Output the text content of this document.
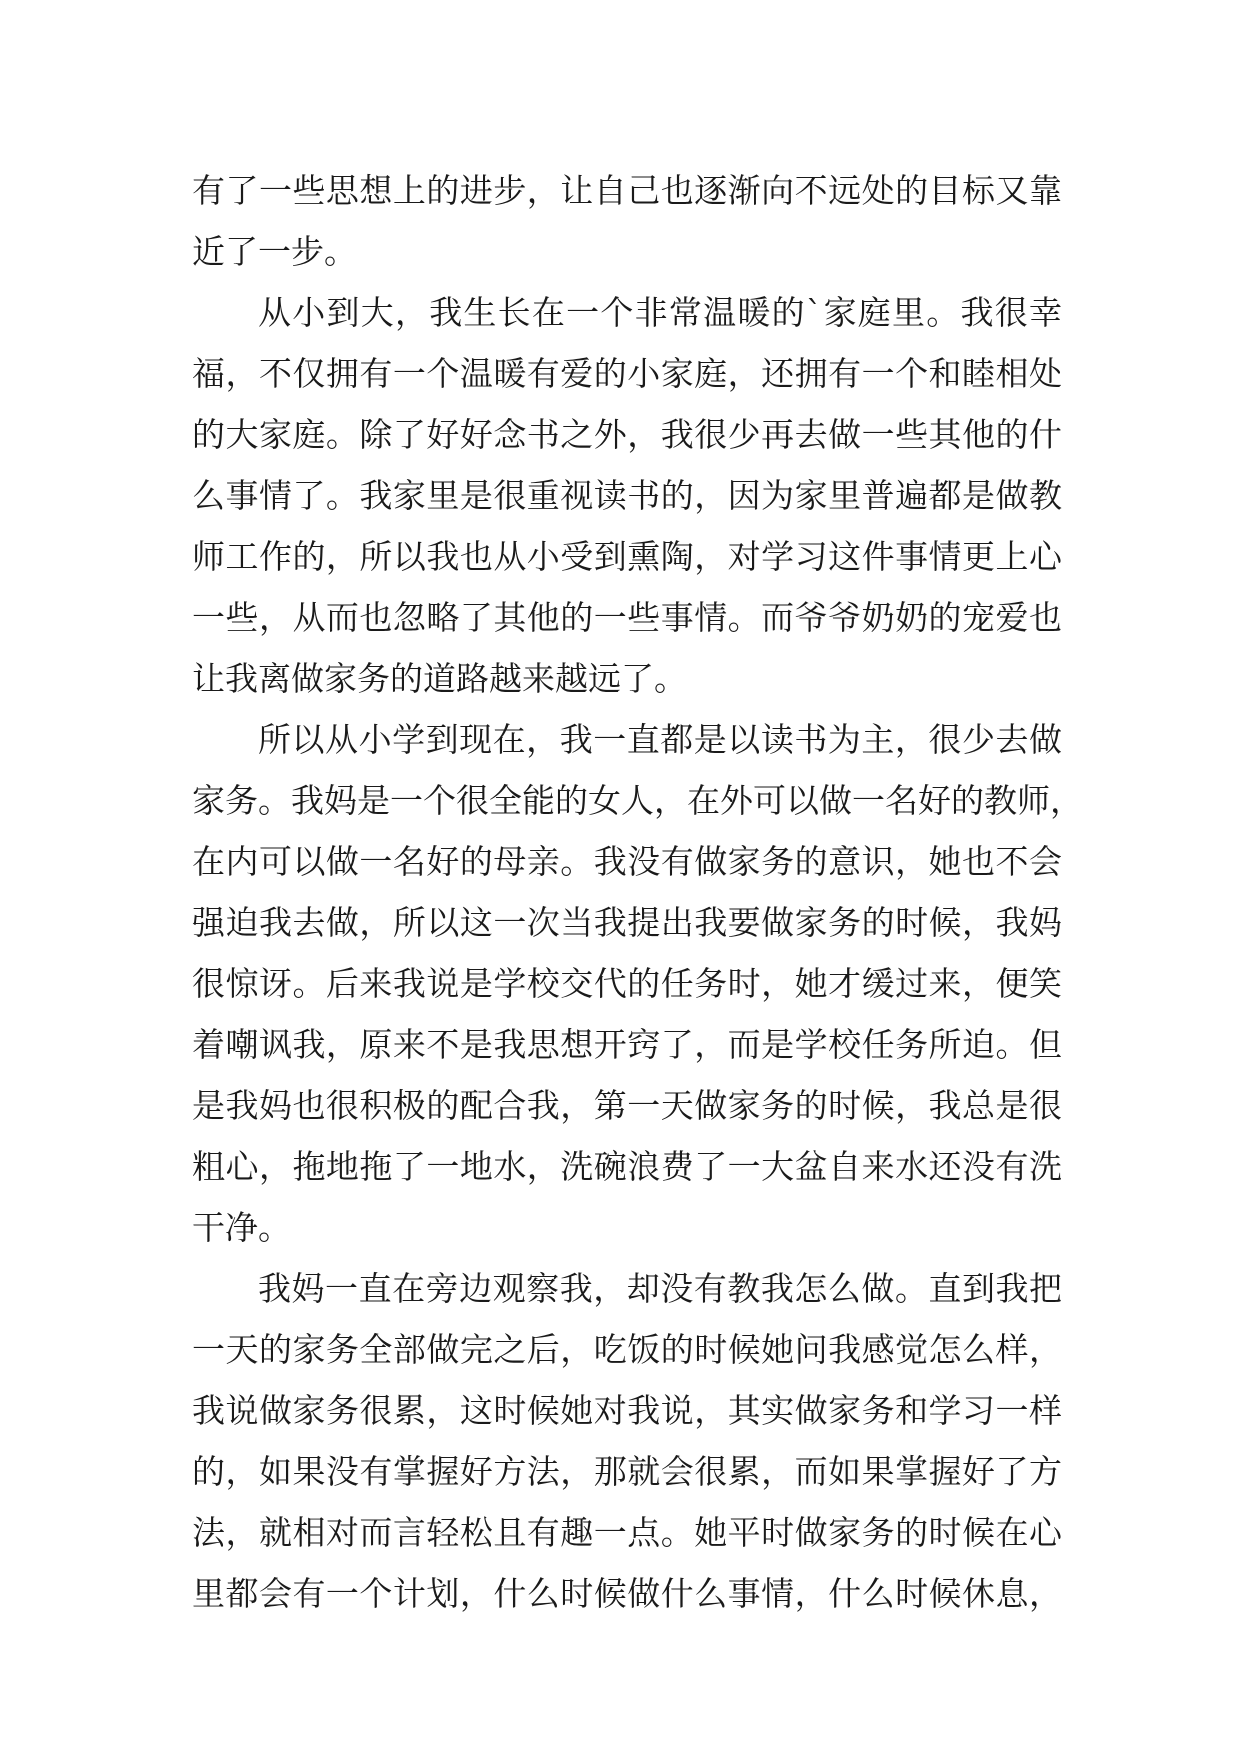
有了一些思想上的进步，让自己也逐渐向不远处的目标又靠
近了一步。
从小到大，我生长在一个非常温暖的`家庭里。我很幸
福，不仅拥有一个温暖有爱的小家庭，还拥有一个和睦相处
的大家庭。除了好好念书之外，我很少再去做一些其他的什
么事情了。我家里是很重视读书的，因为家里普遍都是做教
师工作的，所以我也从小受到熏陶，对学习这件事情更上心
一些，从而也忽略了其他的一些事情。而爷爷奶奶的宠爱也
让我离做家务的道路越来越远了。
所以从小学到现在，我一直都是以读书为主，很少去做
家务。我妈是一个很全能的女人，在外可以做一名好的教师，
在内可以做一名好的母亲。我没有做家务的意识，她也不会
强迫我去做，所以这一次当我提出我要做家务的时候，我妈
很惊讶。后来我说是学校交代的任务时，她才缓过来，便笑
着嘲讽我，原来不是我思想开窍了，而是学校任务所迫。但
是我妈也很积极的配合我，第一天做家务的时候，我总是很
粗心，拖地拖了一地水，洗碗浪费了一大盆自来水还没有洗
干净。
我妈一直在旁边观察我，却没有教我怎么做。直到我把
一天的家务全部做完之后，吃饭的时候她问我感觉怎么样，
我说做家务很累，这时候她对我说，其实做家务和学习一样
的，如果没有掌握好方法，那就会很累，而如果掌握好了方
法，就相对而言轻松且有趣一点。她平时做家务的时候在心
里都会有一个计划，什么时候做什么事情，什么时候休息，
